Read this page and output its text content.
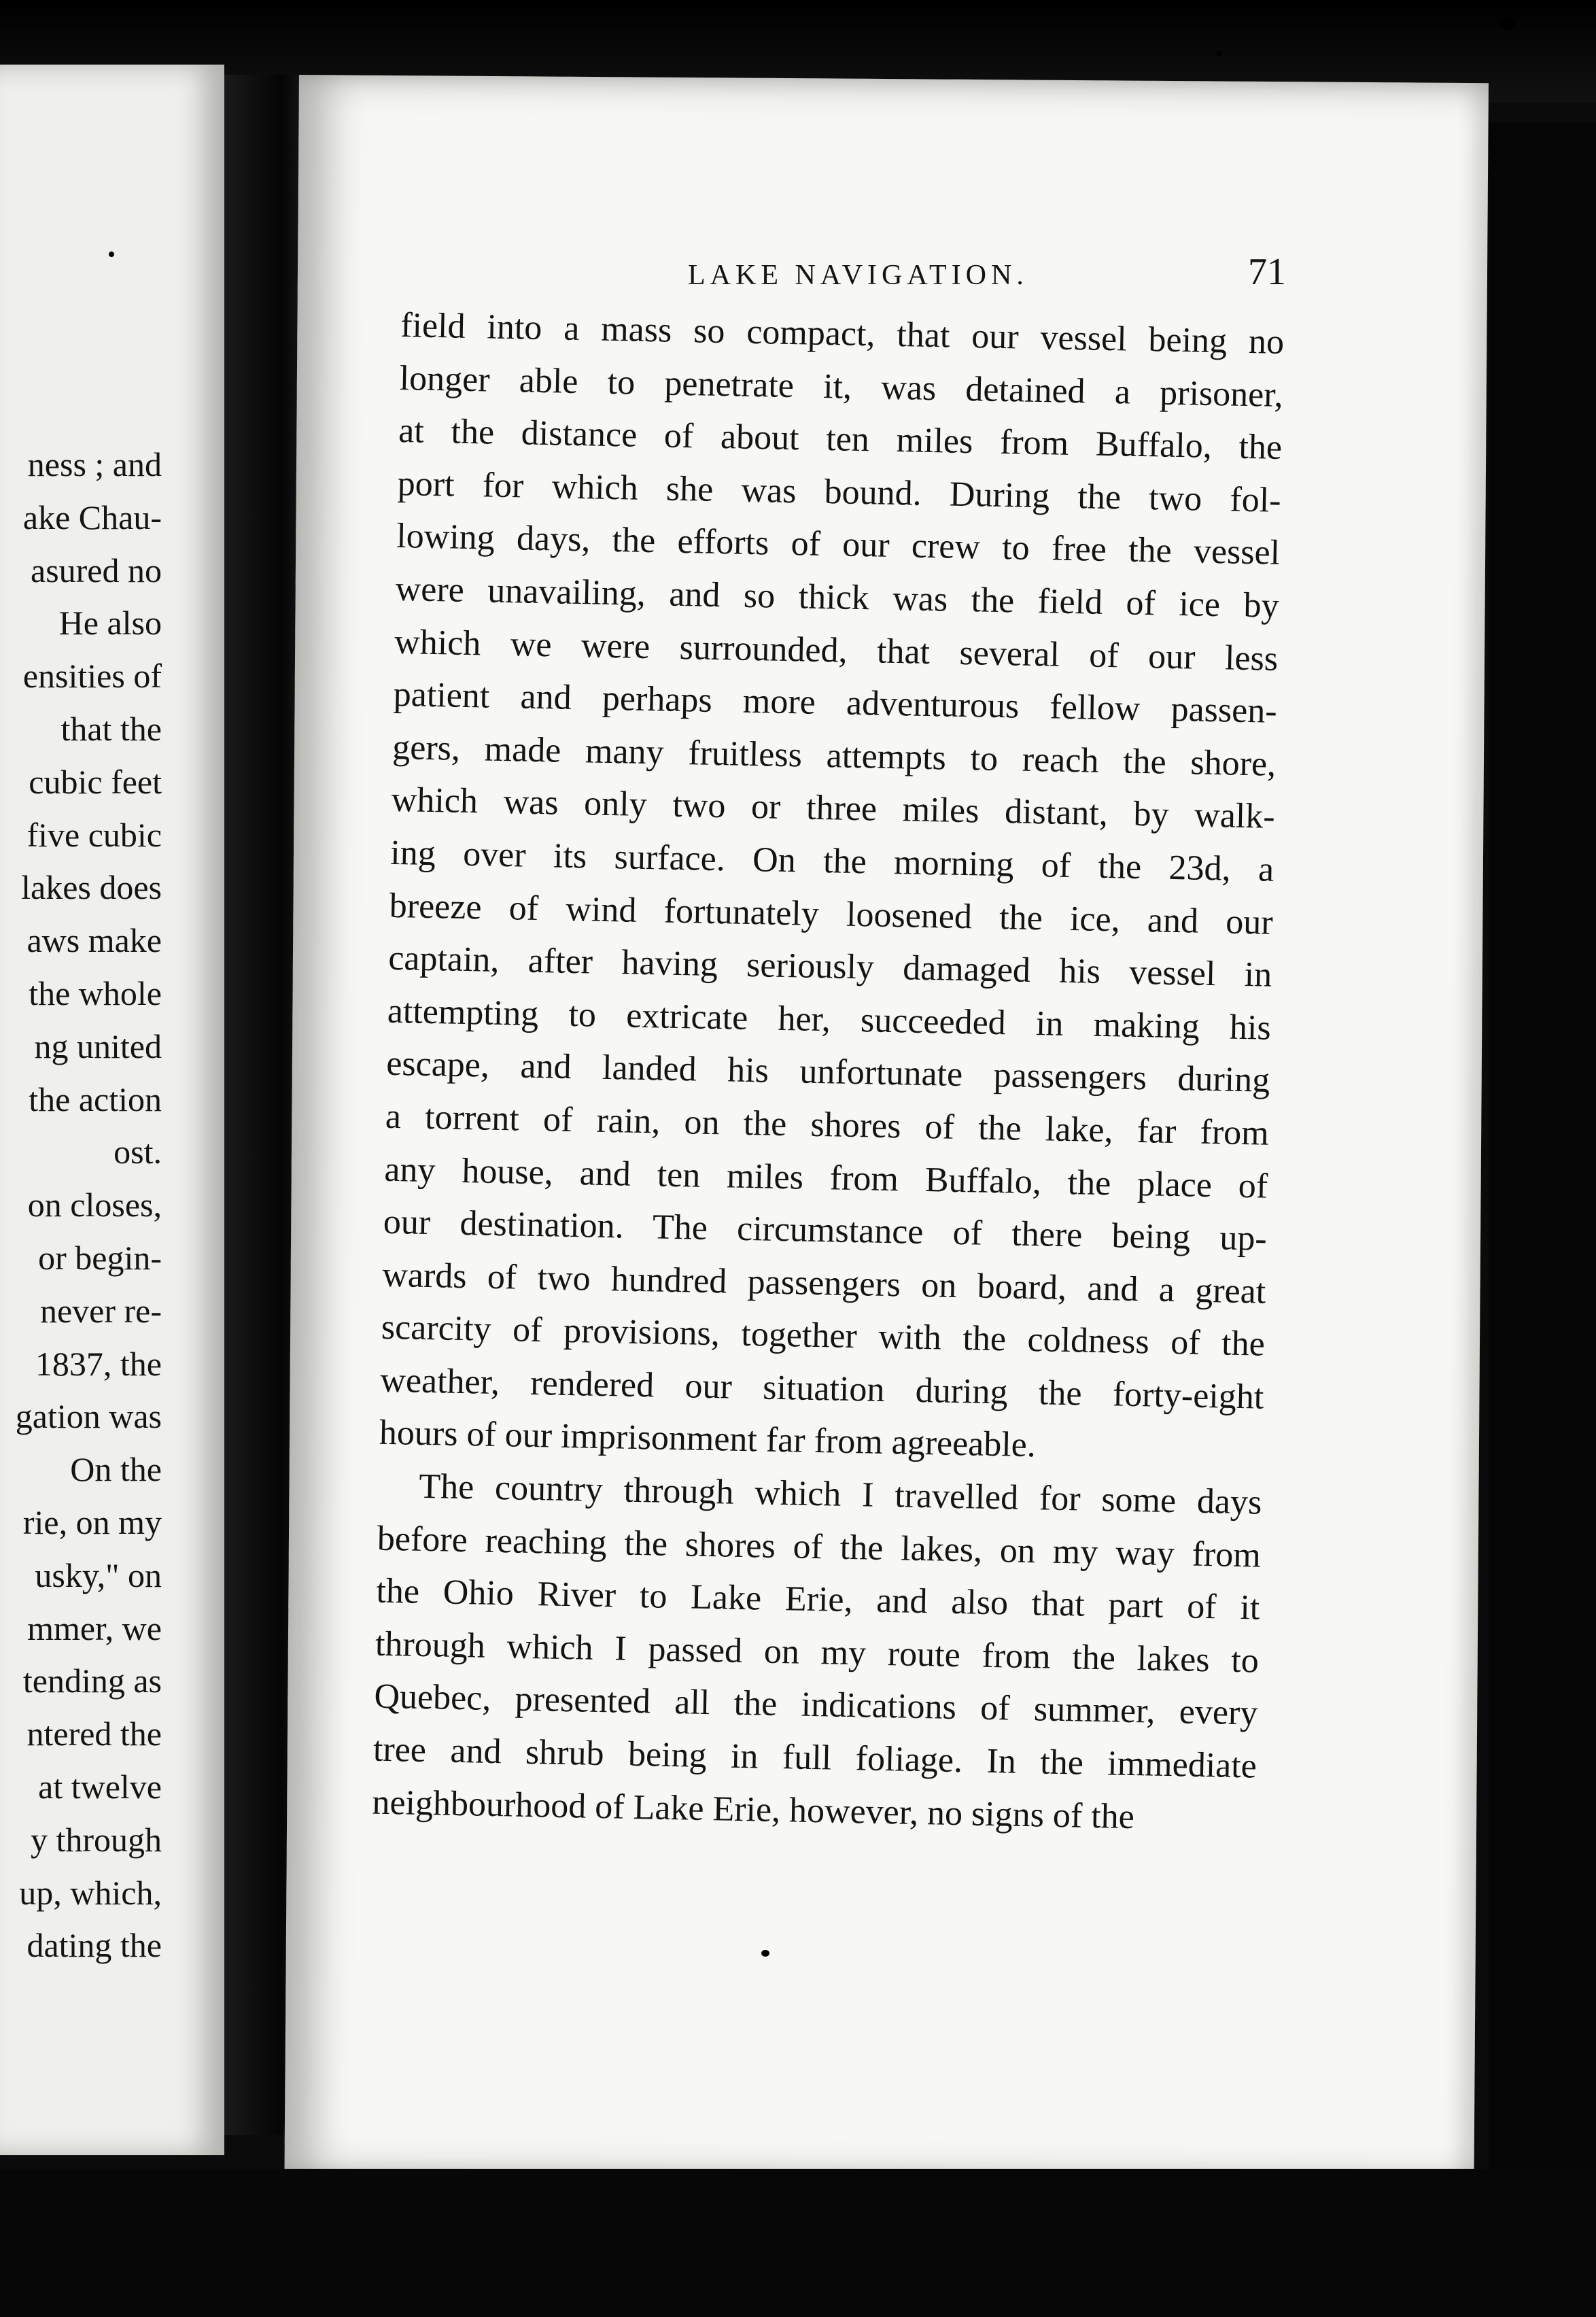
ness ; and
ake Chau-
asured no
He also
ensities of
that the
cubic feet
five cubic
lakes does
aws make
the whole
ng united
the action
ost.
on closes,
or begin-
never re-
1837, the
gation was
On the
rie, on my
usky," on
mmer, we
tending as
ntered the
at twelve
y through
up, which,
dating the
LAKE NAVIGATION.	71
field into a mass so compact, that our vessel being no
longer able to penetrate it, was detained a prisoner,
at the distance of about ten miles from Buffalo, the
port for which she was bound. During the two fol-
lowing days, the efforts of our crew to free the vessel
were unavailing, and so thick was the field of ice by
which we were surrounded, that several of our less
patient and perhaps more adventurous fellow passen-
gers, made many fruitless attempts to reach the shore,
which was only two or three miles distant, by walk-
ing over its surface. On the morning of the 23d, a
breeze of wind fortunately loosened the ice, and our
captain, after having seriously damaged his vessel in
attempting to extricate her, succeeded in making his
escape, and landed his unfortunate passengers during
a torrent of rain, on the shores of the lake, far from
any house, and ten miles from Buffalo, the place of
our destination. The circumstance of there being up-
wards of two hundred passengers on board, and a great
scarcity of provisions, together with the coldness of the
weather, rendered our situation during the forty-eight
hours of our imprisonment far from agreeable.
The country through which I travelled for some days
before reaching the shores of the lakes, on my way from
the Ohio River to Lake Erie, and also that part of it
through which I passed on my route from the lakes to
Quebec, presented all the indications of summer, every
tree and shrub being in full foliage. In the immediate
neighbourhood of Lake Erie, however, no signs of the
